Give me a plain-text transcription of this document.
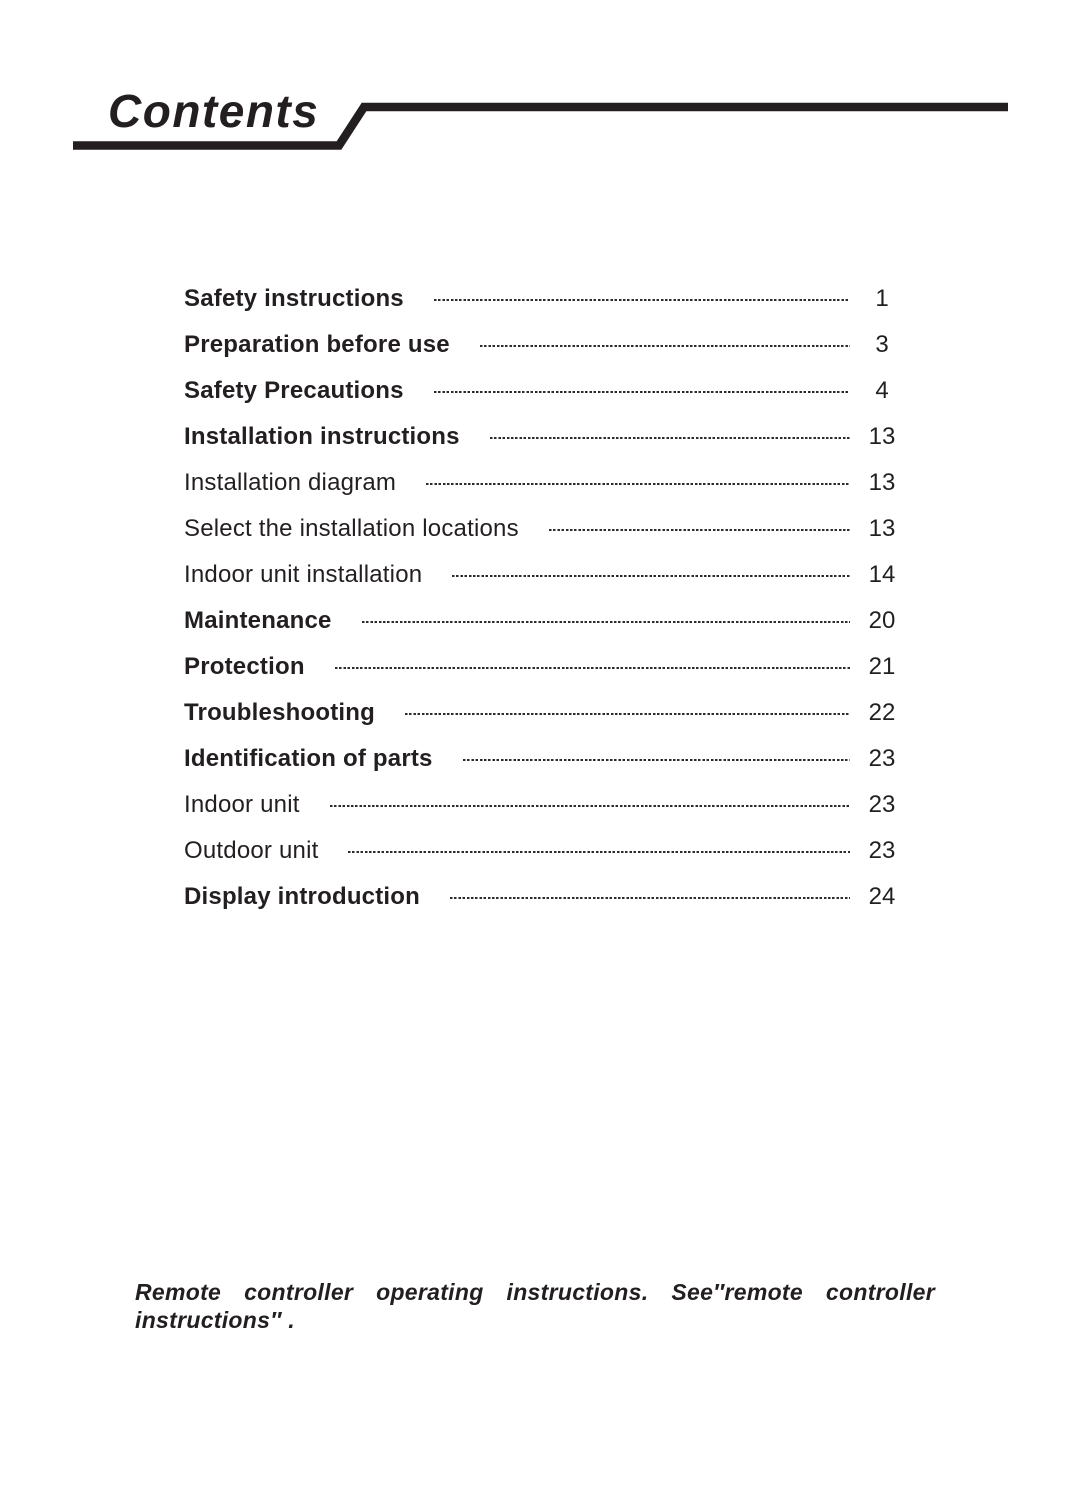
Contents
Safety instructions	1
Preparation before use	3
Safety Precautions	4
Installation instructions	13
Installation diagram	13
Select the installation locations	13
Indoor unit installation	14
Maintenance	20
Protection	21
Troubleshooting	22
Identification of parts	23
Indoor unit	23
Outdoor unit	23
Display introduction	24
Remote controller operating instructions. See″remote controller
instructions″ .
